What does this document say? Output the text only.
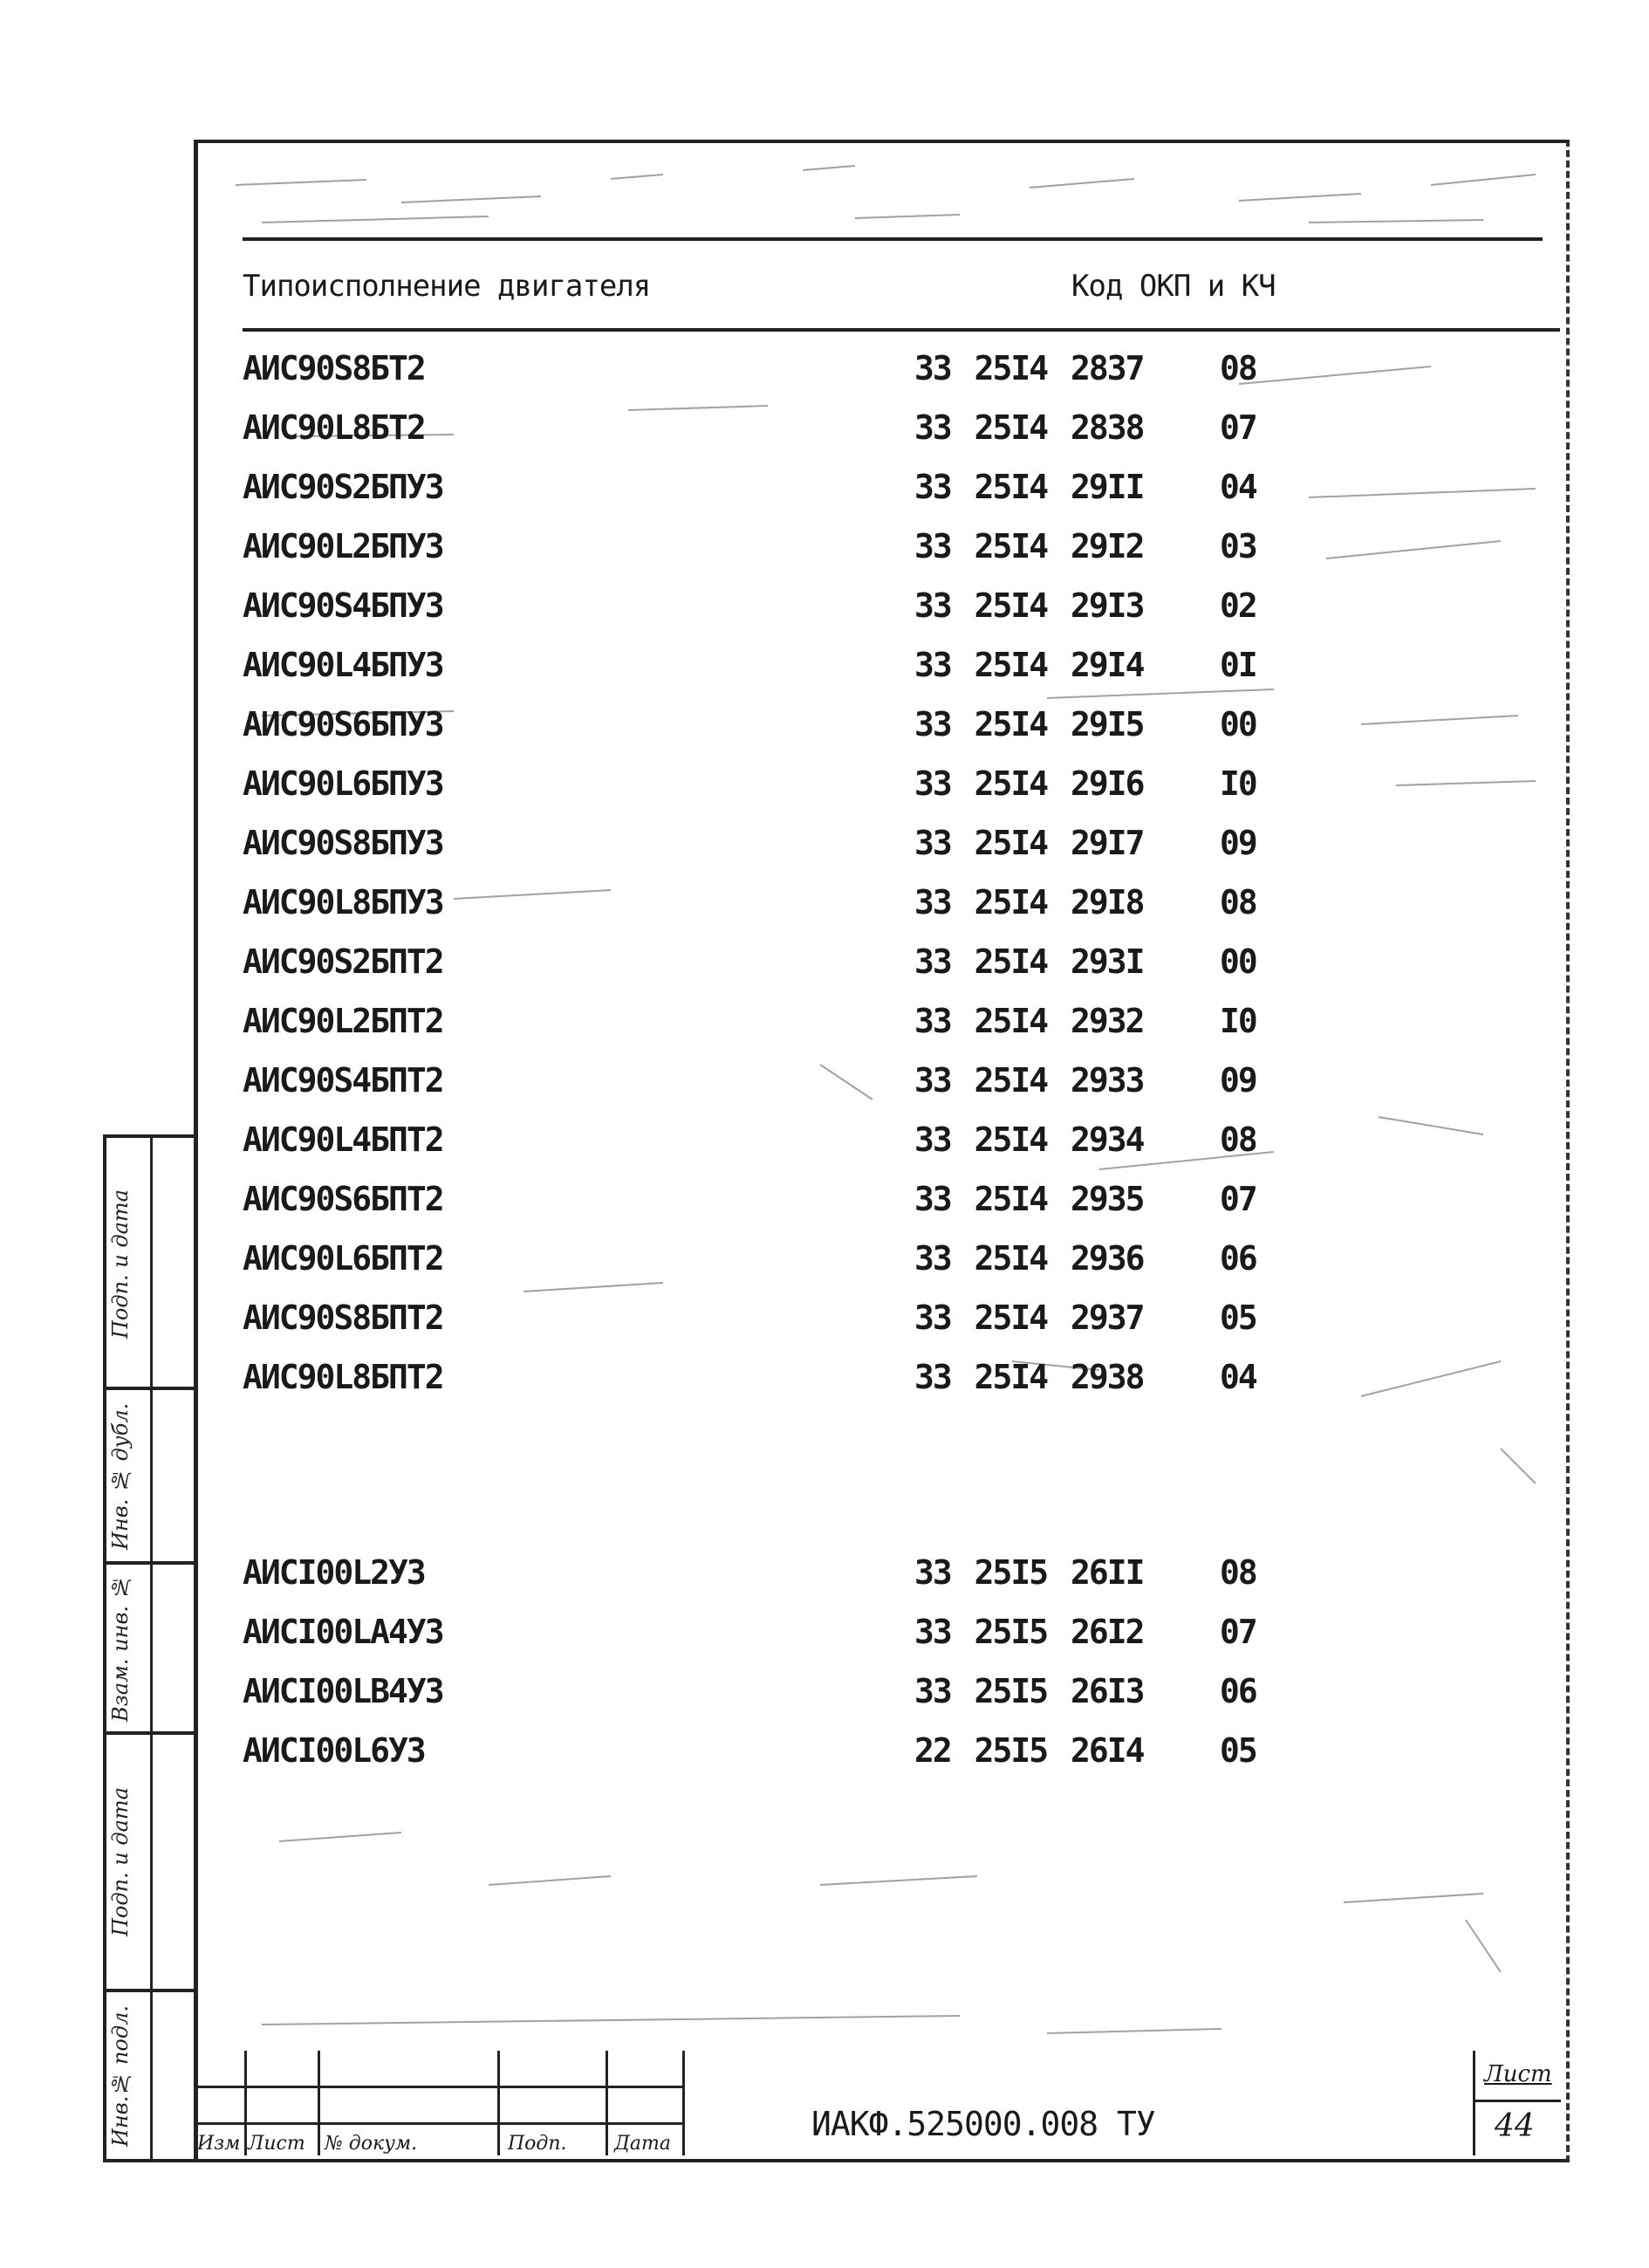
Типоисполнение двигателя	Код ОКП и КЧ
АИС90S8БТ2	33 25I4 2837 08
АИС90L8БТ2	33 25I4 2838 07
АИС90S2БПУ3	33 25I4 29II 04
АИС90L2БПУ3	33 25I4 29I2 03
АИС90S4БПУ3	33 25I4 29I3 02
АИС90L4БПУ3	33 25I4 29I4 0I
АИС90S6БПУ3	33 25I4 29I5 00
АИС90L6БПУ3	33 25I4 29I6 I0
АИС90S8БПУ3	33 25I4 29I7 09
АИС90L8БПУ3	33 25I4 29I8 08
АИС90S2БПТ2	33 25I4 293I 00
АИС90L2БПТ2	33 25I4 2932 I0
АИС90S4БПТ2	33 25I4 2933 09
АИС90L4БПТ2	33 25I4 2934 08
АИС90S6БПТ2	33 25I4 2935 07
АИС90L6БПТ2	33 25I4 2936 06
АИС90S8БПТ2	33 25I4 2937 05
АИС90L8БПТ2	33 25I4 2938 04
АИСI00L2У3	33 25I5 26II 08
АИСI00LА4У3	33 25I5 26I2 07
АИСI00LВ4У3	33 25I5 26I3 06
АИСI00L6У3	22 25I5 26I4 05
Инв.№ подл.
Подп. и дата
Взам. инв. №
Инв. № дубл.
Подп. и дата
Изм Лист № докум.	Подп. Дата
ИАКФ.525000.008 ТУ
Лист
44
